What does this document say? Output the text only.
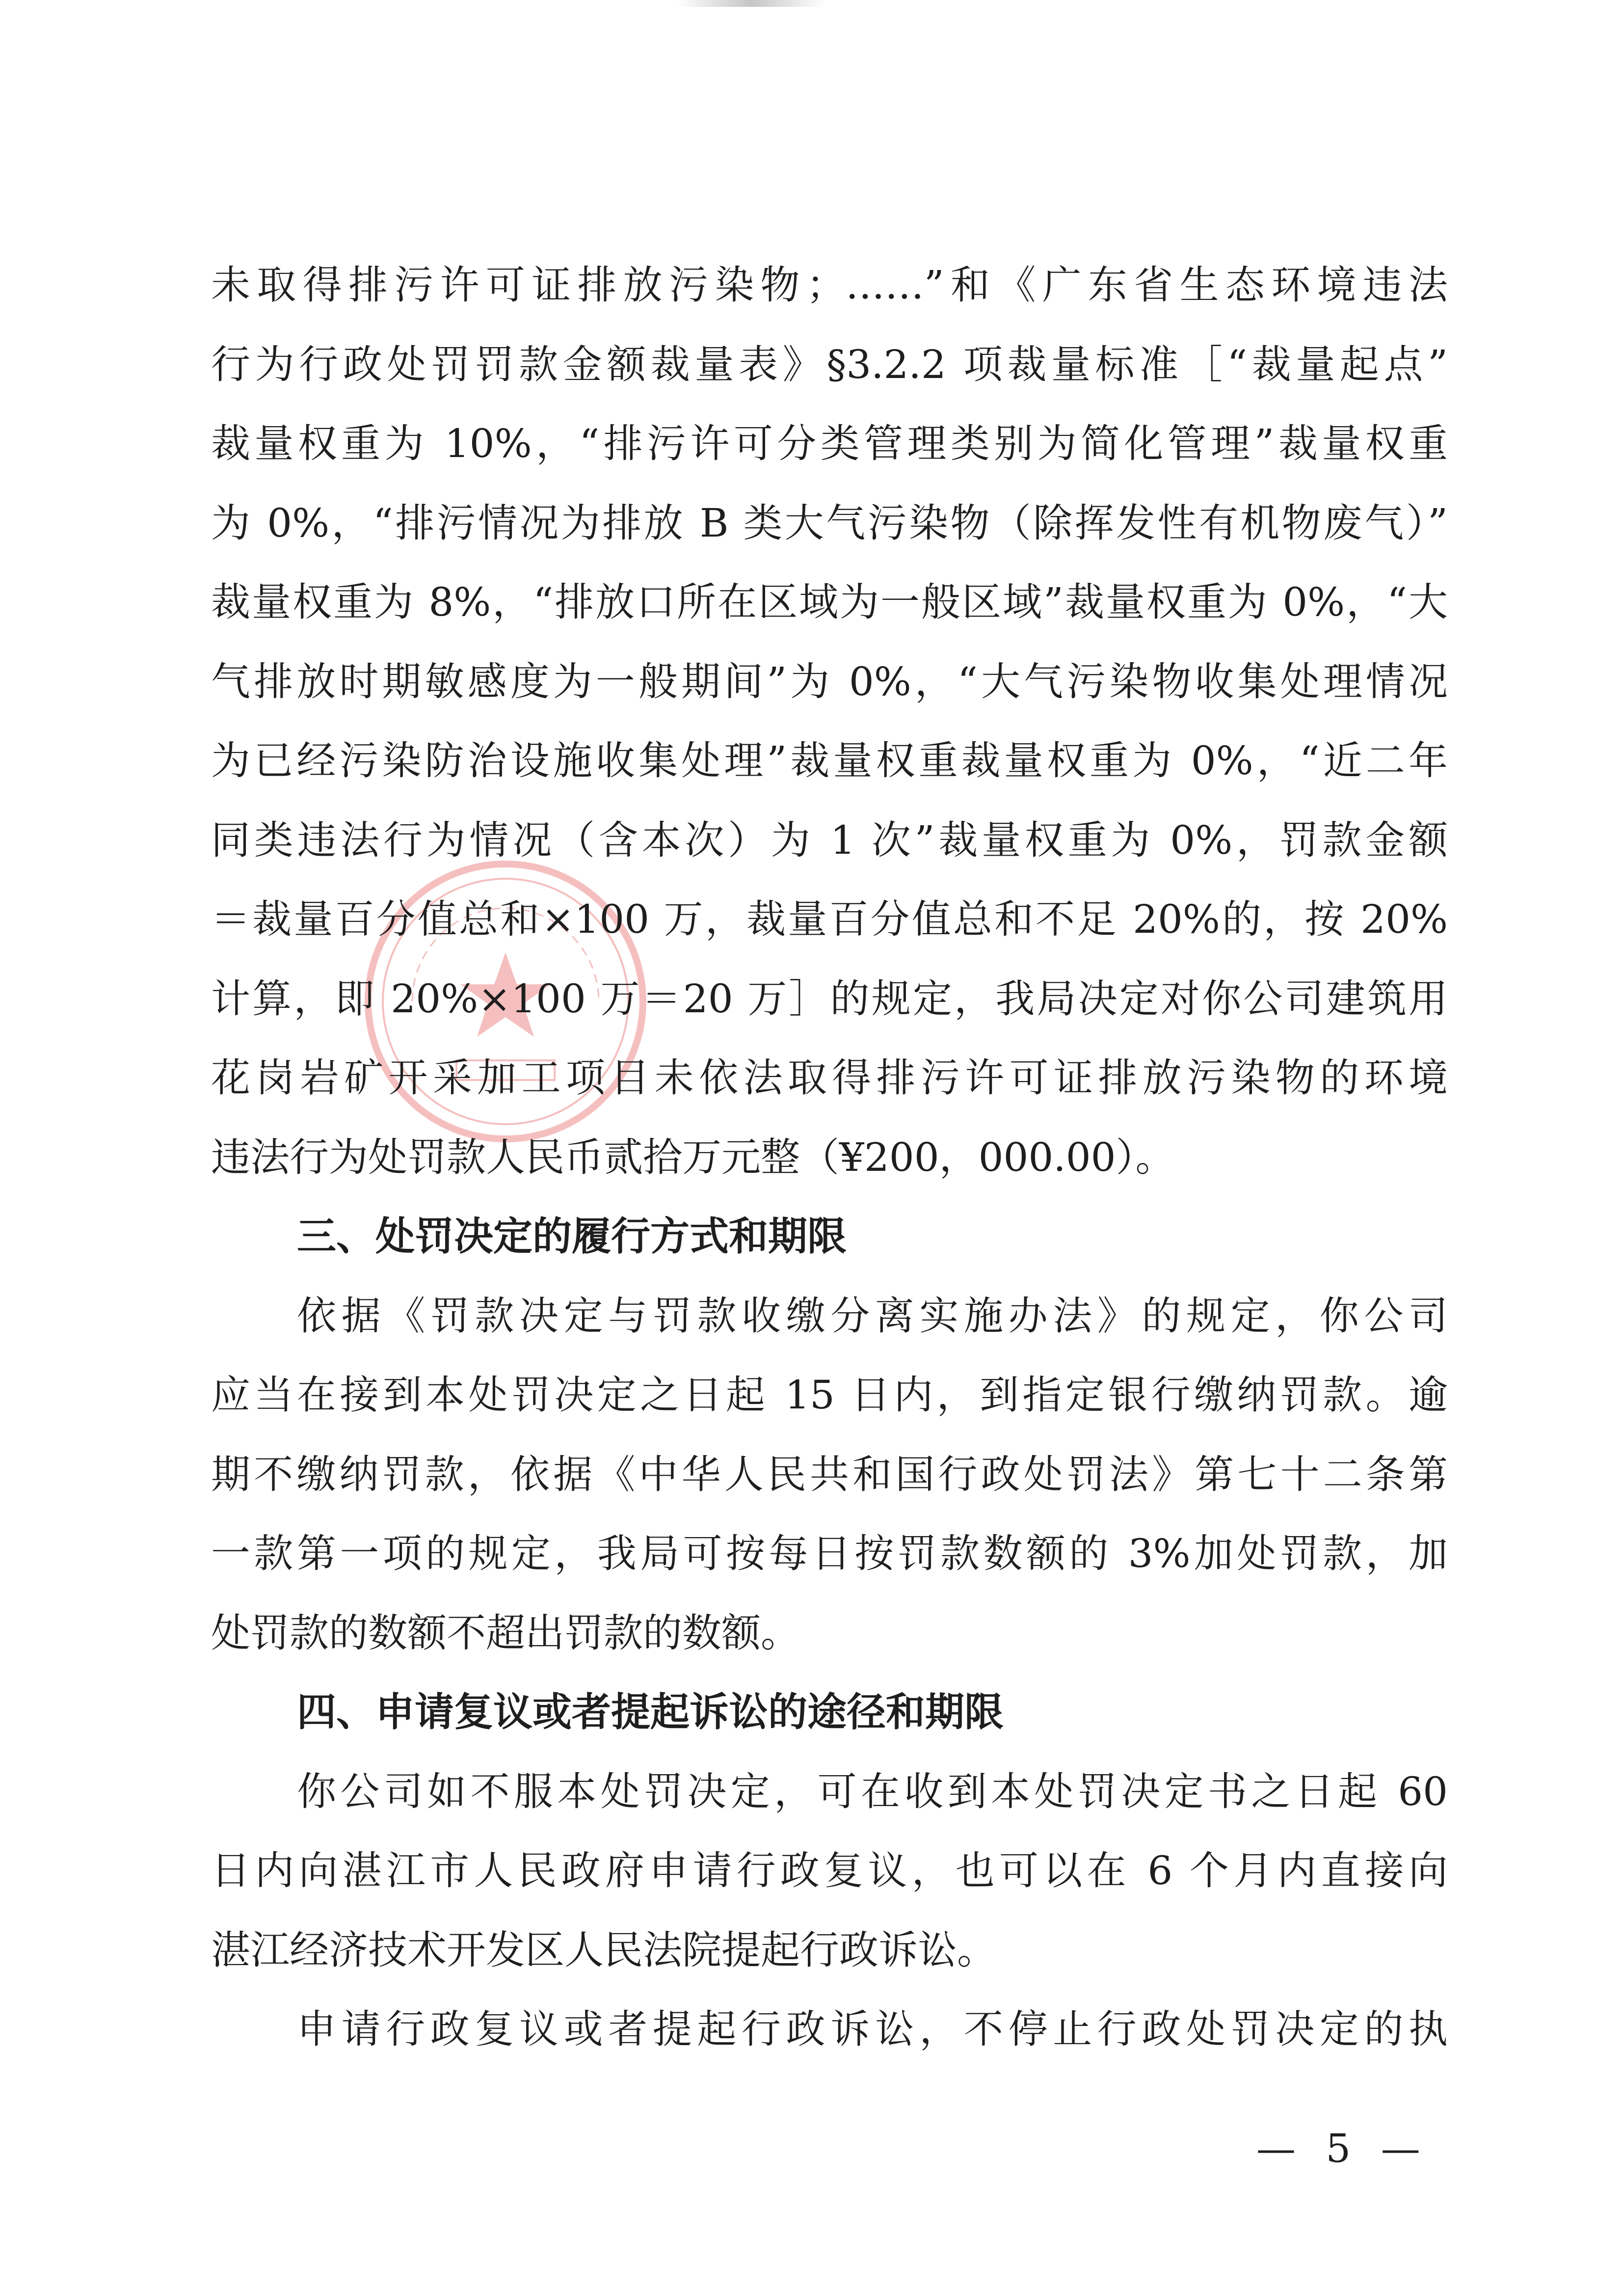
未取得排污许可证排放污染物；……”和《广东省生态环境违法
行为行政处罚罚款金额裁量表》§3.2.2 项裁量标准［“裁量起点”
裁量权重为 10%，“排污许可分类管理类别为简化管理”裁量权重
为 0%，“排污情况为排放 B 类大气污染物（除挥发性有机物废气）”
裁量权重为 8%，“排放口所在区域为一般区域”裁量权重为 0%，“大
气排放时期敏感度为一般期间”为 0%，“大气污染物收集处理情况
为已经污染防治设施收集处理”裁量权重裁量权重为 0%，“近二年
同类违法行为情况（含本次）为 1 次”裁量权重为 0%，罚款金额
＝裁量百分值总和×100 万，裁量百分值总和不足 20%的，按 20%
计算，即 20%×100 万＝20 万］的规定，我局决定对你公司建筑用
花岗岩矿开采加工项目未依法取得排污许可证排放污染物的环境
违法行为处罚款人民币贰拾万元整（¥200，000.00）。
三、处罚决定的履行方式和期限
依据《罚款决定与罚款收缴分离实施办法》的规定，你公司
应当在接到本处罚决定之日起 15 日内，到指定银行缴纳罚款。逾
期不缴纳罚款，依据《中华人民共和国行政处罚法》第七十二条第
一款第一项的规定，我局可按每日按罚款数额的 3%加处罚款，加
处罚款的数额不超出罚款的数额。
四、申请复议或者提起诉讼的途径和期限
你公司如不服本处罚决定，可在收到本处罚决定书之日起 60
日内向湛江市人民政府申请行政复议，也可以在 6 个月内直接向
湛江经济技术开发区人民法院提起行政诉讼。
申请行政复议或者提起行政诉讼，不停止行政处罚决定的执
— 5 —
